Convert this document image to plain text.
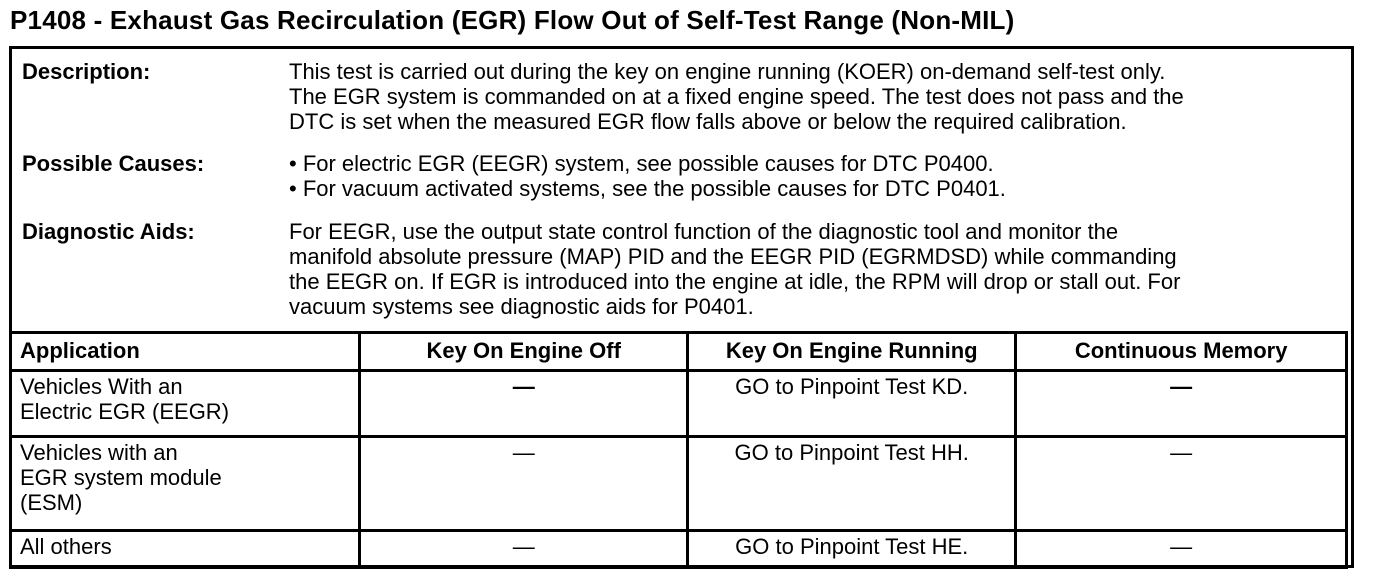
P1408 - Exhaust Gas Recirculation (EGR) Flow Out of Self-Test Range (Non-MIL)
Description:	This test is carried out during the key on engine running (KOER) on-demand self-test only.
The EGR system is commanded on at a fixed engine speed. The test does not pass and the
DTC is set when the measured EGR flow falls above or below the required calibration.
Possible Causes:	• For electric EGR (EEGR) system, see possible causes for DTC P0400.
• For vacuum activated systems, see the possible causes for DTC P0401.
Diagnostic Aids:	For EEGR, use the output state control function of the diagnostic tool and monitor the
manifold absolute pressure (MAP) PID and the EEGR PID (EGRMDSD) while commanding
the EEGR on. If EGR is introduced into the engine at idle, the RPM will drop or stall out. For
vacuum systems see diagnostic aids for P0401.
Application	Key On Engine Off	Key On Engine Running	Continuous Memory
Vehicles With an
Electric EGR (EEGR)	—	GO to Pinpoint Test KD.	—
Vehicles with an
EGR system module
(ESM)	—	GO to Pinpoint Test HH.	—
All others	—	GO to Pinpoint Test HE.	—
